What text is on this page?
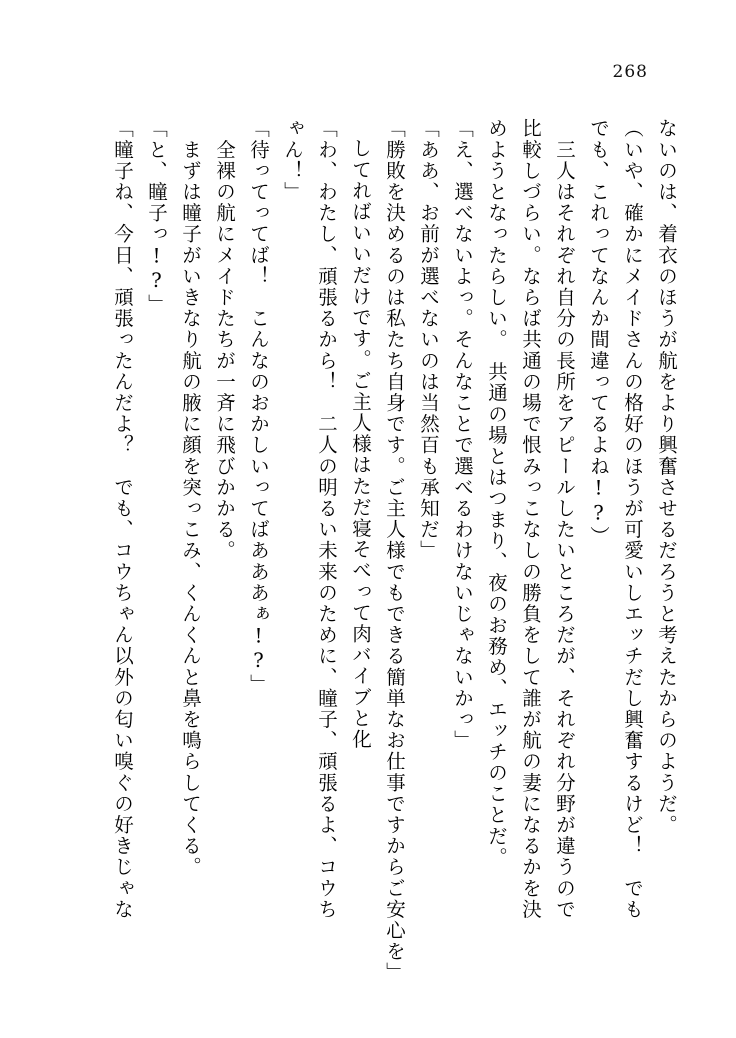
268
ないのは、着衣のほうが航をより興奮させるだろうと考えたからのようだ。
（いや、確かにメイドさんの格好のほうが可愛いしエッチだし興奮するけど！　でも
でも、これってなんか間違ってるよね!?）
　三人はそれぞれ自分の長所をアピールしたいところだが、それぞれ分野が違うので
比較しづらい。ならば共通の場で恨みっこなしの勝負をして誰が航の妻になるかを決
めようとなったらしい。　共通の場とはつまり、夜のお務め、エッチのことだ。
「え、選べないよっ。そんなことで選べるわけないじゃないかっ」
「ああ、お前が選べないのは当然百も承知だ」
「勝敗を決めるのは私たち自身です。ご主人様でもできる簡単なお仕事ですからご安心を」
してればいいだけです。ご主人様はただ寝そべって肉バイブと化
「わ、わたし、頑張るから！　二人の明るい未来のために、瞳子、頑張るよ、コウち
ゃん！」
「待ってってば！　こんなのおかしいってばあああぁ!?」
　全裸の航にメイドたちが一斉に飛びかかる。
　まずは瞳子がいきなり航の腋に顔を突っこみ、くんくんと鼻を鳴らしてくる。
「と、瞳子っ!?」
「瞳子ね、今日、頑張ったんだよ？　でも、コウちゃん以外の匂い嗅ぐの好きじゃな
